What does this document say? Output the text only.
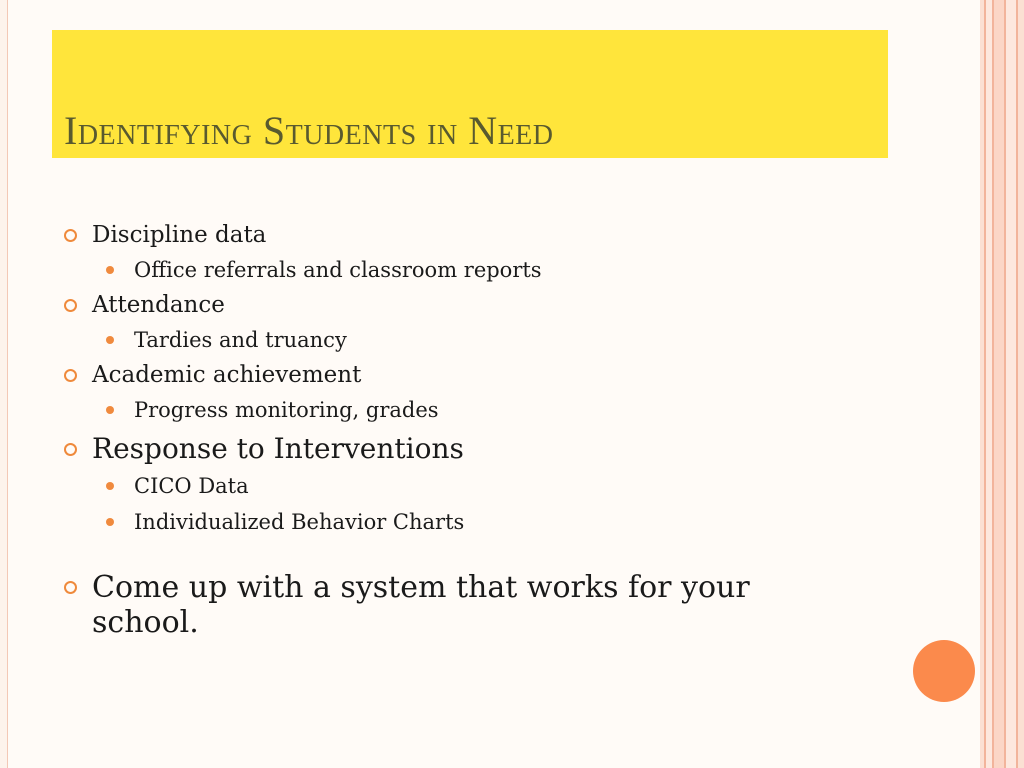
Identifying Students in Need
Discipline data
Office referrals and classroom reports
Attendance
Tardies and truancy
Academic achievement
Progress monitoring, grades
Response to Interventions
CICO Data
Individualized Behavior Charts
Come up with a system that works for your school.
